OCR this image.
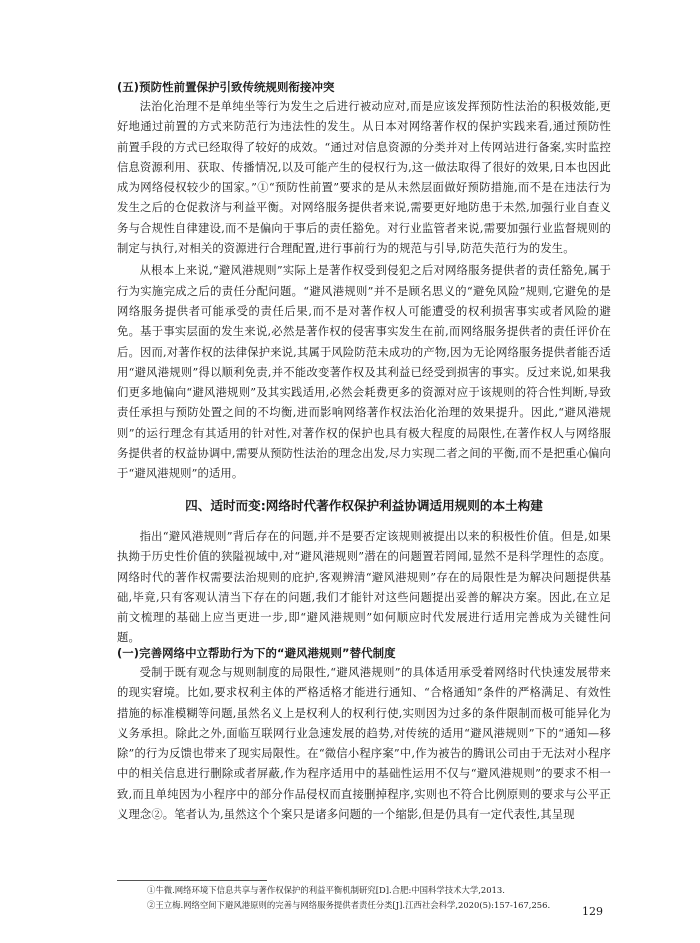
(五)预防性前置保护引致传统规则衔接冲突

法治化治理不是单纯坐等行为发生之后进行被动应对,而是应该发挥预防性法治的积极效能,更好地通过前置的方式来防范行为违法性的发生。从日本对网络著作权的保护实践来看,通过预防性前置手段的方式已经取得了较好的成效。“通过对信息资源的分类并对上传网站进行备案,实时监控信息资源利用、获取、传播情况,以及可能产生的侵权行为,这一做法取得了很好的效果,日本也因此成为网络侵权较少的国家。”①“预防性前置”要求的是从未然层面做好预防措施,而不是在违法行为发生之后的仓促救济与利益平衡。对网络服务提供者来说,需要更好地防患于未然,加强行业自查义务与合规性自律建设,而不是偏向于事后的责任豁免。对行业监管者来说,需要加强行业监督规则的制定与执行,对相关的资源进行合理配置,进行事前行为的规范与引导,防范失范行为的发生。

从根本上来说,“避风港规则”实际上是著作权受到侵犯之后对网络服务提供者的责任豁免,属于行为实施完成之后的责任分配问题。“避风港规则”并不是顾名思义的“避免风险”规则,它避免的是网络服务提供者可能承受的责任后果,而不是对著作权人可能遭受的权利损害事实或者风险的避免。基于事实层面的发生来说,必然是著作权的侵害事实发生在前,而网络服务提供者的责任评价在后。因而,对著作权的法律保护来说,其属于风险防范未成功的产物,因为无论网络服务提供者能否适用“避风港规则”得以顺利免责,并不能改变著作权及其利益已经受到损害的事实。反过来说,如果我们更多地偏向“避风港规则”及其实践适用,必然会耗费更多的资源对应于该规则的符合性判断,导致责任承担与预防处置之间的不均衡,进而影响网络著作权法治化治理的效果提升。因此,“避风港规则”的运行理念有其适用的针对性,对著作权的保护也具有极大程度的局限性,在著作权人与网络服务提供者的权益协调中,需要从预防性法治的理念出发,尽力实现二者之间的平衡,而不是把重心偏向于“避风港规则”的适用。

四、适时而变:网络时代著作权保护利益协调适用规则的本土构建

指出“避风港规则”背后存在的问题,并不是要否定该规则被提出以来的积极性价值。但是,如果执拗于历史性价值的狭隘视域中,对“避风港规则”潜在的问题置若罔闻,显然不是科学理性的态度。网络时代的著作权需要法治规则的庇护,客观辨清“避风港规则”存在的局限性是为解决问题提供基础,毕竟,只有客观认清当下存在的问题,我们才能针对这些问题提出妥善的解决方案。因此,在立足前文梳理的基础上应当更进一步,即“避风港规则”如何顺应时代发展进行适用完善成为关键性问题。

(一)完善网络中立帮助行为下的“避风港规则”替代制度

受制于既有观念与规则制度的局限性,“避风港规则”的具体适用承受着网络时代快速发展带来的现实窘境。比如,要求权利主体的严格适格才能进行通知、“合格通知”条件的严格满足、有效性措施的标准模糊等问题,虽然名义上是权利人的权利行使,实则因为过多的条件限制而极可能异化为义务承担。除此之外,面临互联网行业急速发展的趋势,对传统的适用“避风港规则”下的“通知—移除”的行为反馈也带来了现实局限性。在“微信小程序案”中,作为被告的腾讯公司由于无法对小程序中的相关信息进行删除或者屏蔽,作为程序适用中的基础性运用不仅与“避风港规则”的要求不相一致,而且单纯因为小程序中的部分作品侵权而直接删掉程序,实则也不符合比例原则的要求与公平正义理念②。笔者认为,虽然这个个案只是诸多问题的一个缩影,但是仍具有一定代表性,其呈现

①牛微.网络环境下信息共享与著作权保护的利益平衡机制研究[D].合肥:中国科学技术大学,2013.
②王立梅.网络空间下避风港原则的完善与网络服务提供者责任分类[J].江西社会科学,2020(5):157-167,256.	129
